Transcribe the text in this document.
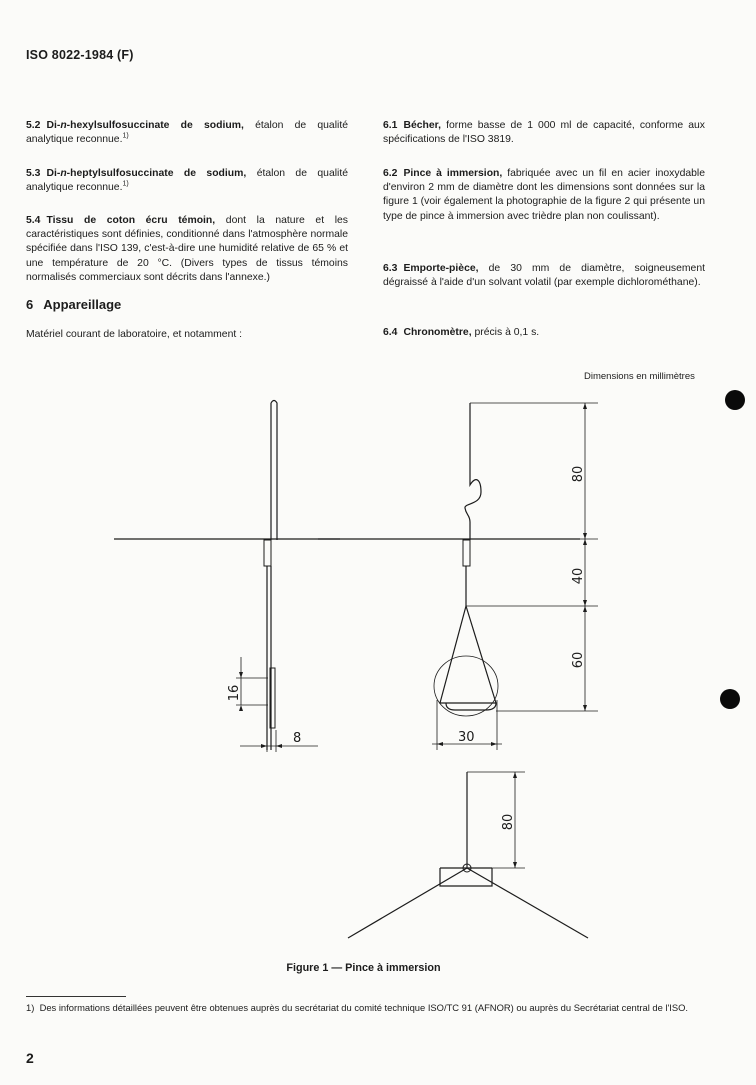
ISO 8022-1984 (F)
5.2 Di-n-hexylsulfosuccinate de sodium, étalon de qualité analytique reconnue.$^{1)}$
5.3 Di-n-heptylsulfosuccinate de sodium, étalon de qualité analytique reconnue.$^{1)}$
5.4 Tissu de coton écru témoin, dont la nature et les caractéristiques sont définies, conditionné dans l'atmosphère normale spécifiée dans l'ISO 139, c'est-à-dire une humidité relative de 65 % et une température de 20 °C. (Divers types de tissus témoins normalisés commerciaux sont décrits dans l'annexe.)
Matériel courant de laboratoire, et notamment :
6 Appareillage
6.1 Bécher, forme basse de 1 000 ml de capacité, conforme aux spécifications de l'ISO 3819.
6.2 Pince à immersion, fabriquée avec un fil en acier inoxydable d'environ 2 mm de diamètre dont les dimensions sont données sur la figure 1 (voir également la photographie de la figure 2 qui présente un type de pince à immersion avec trièdre plan non coulissant).
6.3 Emporte-pièce, de 30 mm de diamètre, soigneusement dégraissé à l'aide d'un solvant volatil (par exemple dichlorométhane).
6.4 Chronomètre, précis à 0,1 s.
Dimensions en millimètres
80
40
60
16
8	30
80
Figure 1 — Pince à immersion
1) Des informations détaillées peuvent être obtenues auprès du secrétariat du comité technique ISO/TC 91 (AFNOR) ou auprès du Secrétariat central de l'ISO.
2
